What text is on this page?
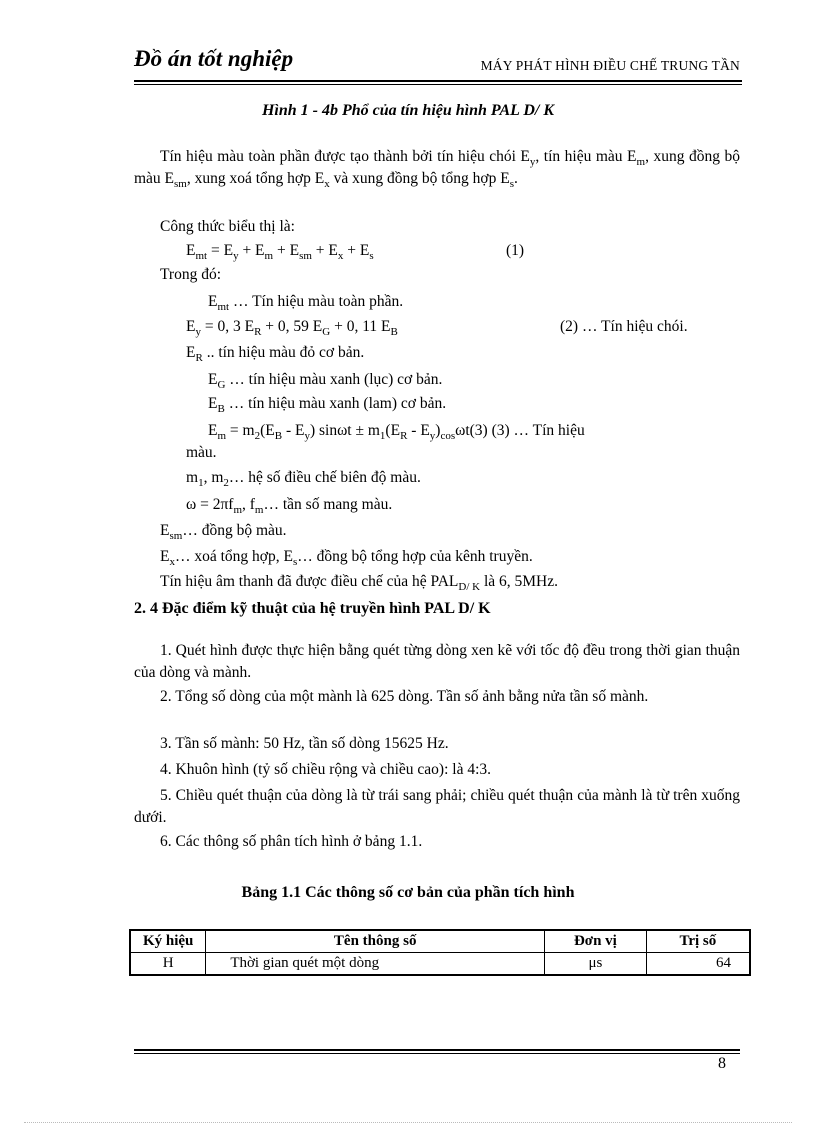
Đồ án tốt nghiệp	MÁY PHÁT HÌNH ĐIỀU CHẾ TRUNG TẦN
Hình 1 - 4b Phổ của tín hiệu hình PAL D/ K
Tín hiệu màu toàn phần được tạo thành bởi tín hiệu chói $E_y$, tín hiệu màu $E_m$, xung đồng bộ màu $E_{sm}$, xung xoá tổng hợp $E_x$ và xung đồng bộ tổng hợp $E_s$.
Công thức biểu thị là:
$E_{mt} = E_y + E_m + E_{sm} + E_x + E_s$	(1)
Trong đó:
$E_{mt}$ … Tín hiệu màu toàn phần.
$E_y = 0$, 3 $E_R + 0$, 59 $E_G + 0$, 11 $E_B$	(2) … Tín hiệu chói.
$E_R$ .. tín hiệu màu đỏ cơ bản.
$E_G$ … tín hiệu màu xanh (lục) cơ bản.
$E_B$ … tín hiệu màu xanh (lam) cơ bản.
$E_m = m_2(E_B - E_y) \sin\omega t \pm m_1(E_R - E_y)_{cos}\omega t(3)$ (3) … Tín hiệu
màu.
$m_1$, $m_2\dots$ hệ số điều chế biên độ màu.
$\omega = 2\pi f_m$, $f_m\dots$ tần số mang màu.
$E_{sm}\dots$ đồng bộ màu.
$E_x\dots$ xoá tổng hợp, $E_s\dots$ đồng bộ tổng hợp của kênh truyền.
Tín hiệu âm thanh đã được điều chế của hệ $PAL_{D/ K}$ là 6, 5MHz.
2. 4 Đặc điểm kỹ thuật của hệ truyền hình PAL D/ K
1. Quét hình được thực hiện bằng quét từng dòng xen kẽ với tốc độ đều trong thời gian thuận của dòng và mành.
2. Tổng số dòng của một mành là 625 dòng. Tần số ảnh bằng nửa tần số mành.
3. Tần số mành: 50 Hz, tần số dòng 15625 Hz.
4. Khuôn hình (tỷ số chiều rộng và chiều cao): là 4:3.
5. Chiều quét thuận của dòng là từ trái sang phải; chiều quét thuận của mành là từ trên xuống dưới.
6. Các thông số phân tích hình ở bảng 1.1.
Bảng 1.1 Các thông số cơ bản của phần tích hình
Ký hiệu	Tên thông số	Đơn vị	Trị số
H	Thời gian quét một dòng	μs	64
8
